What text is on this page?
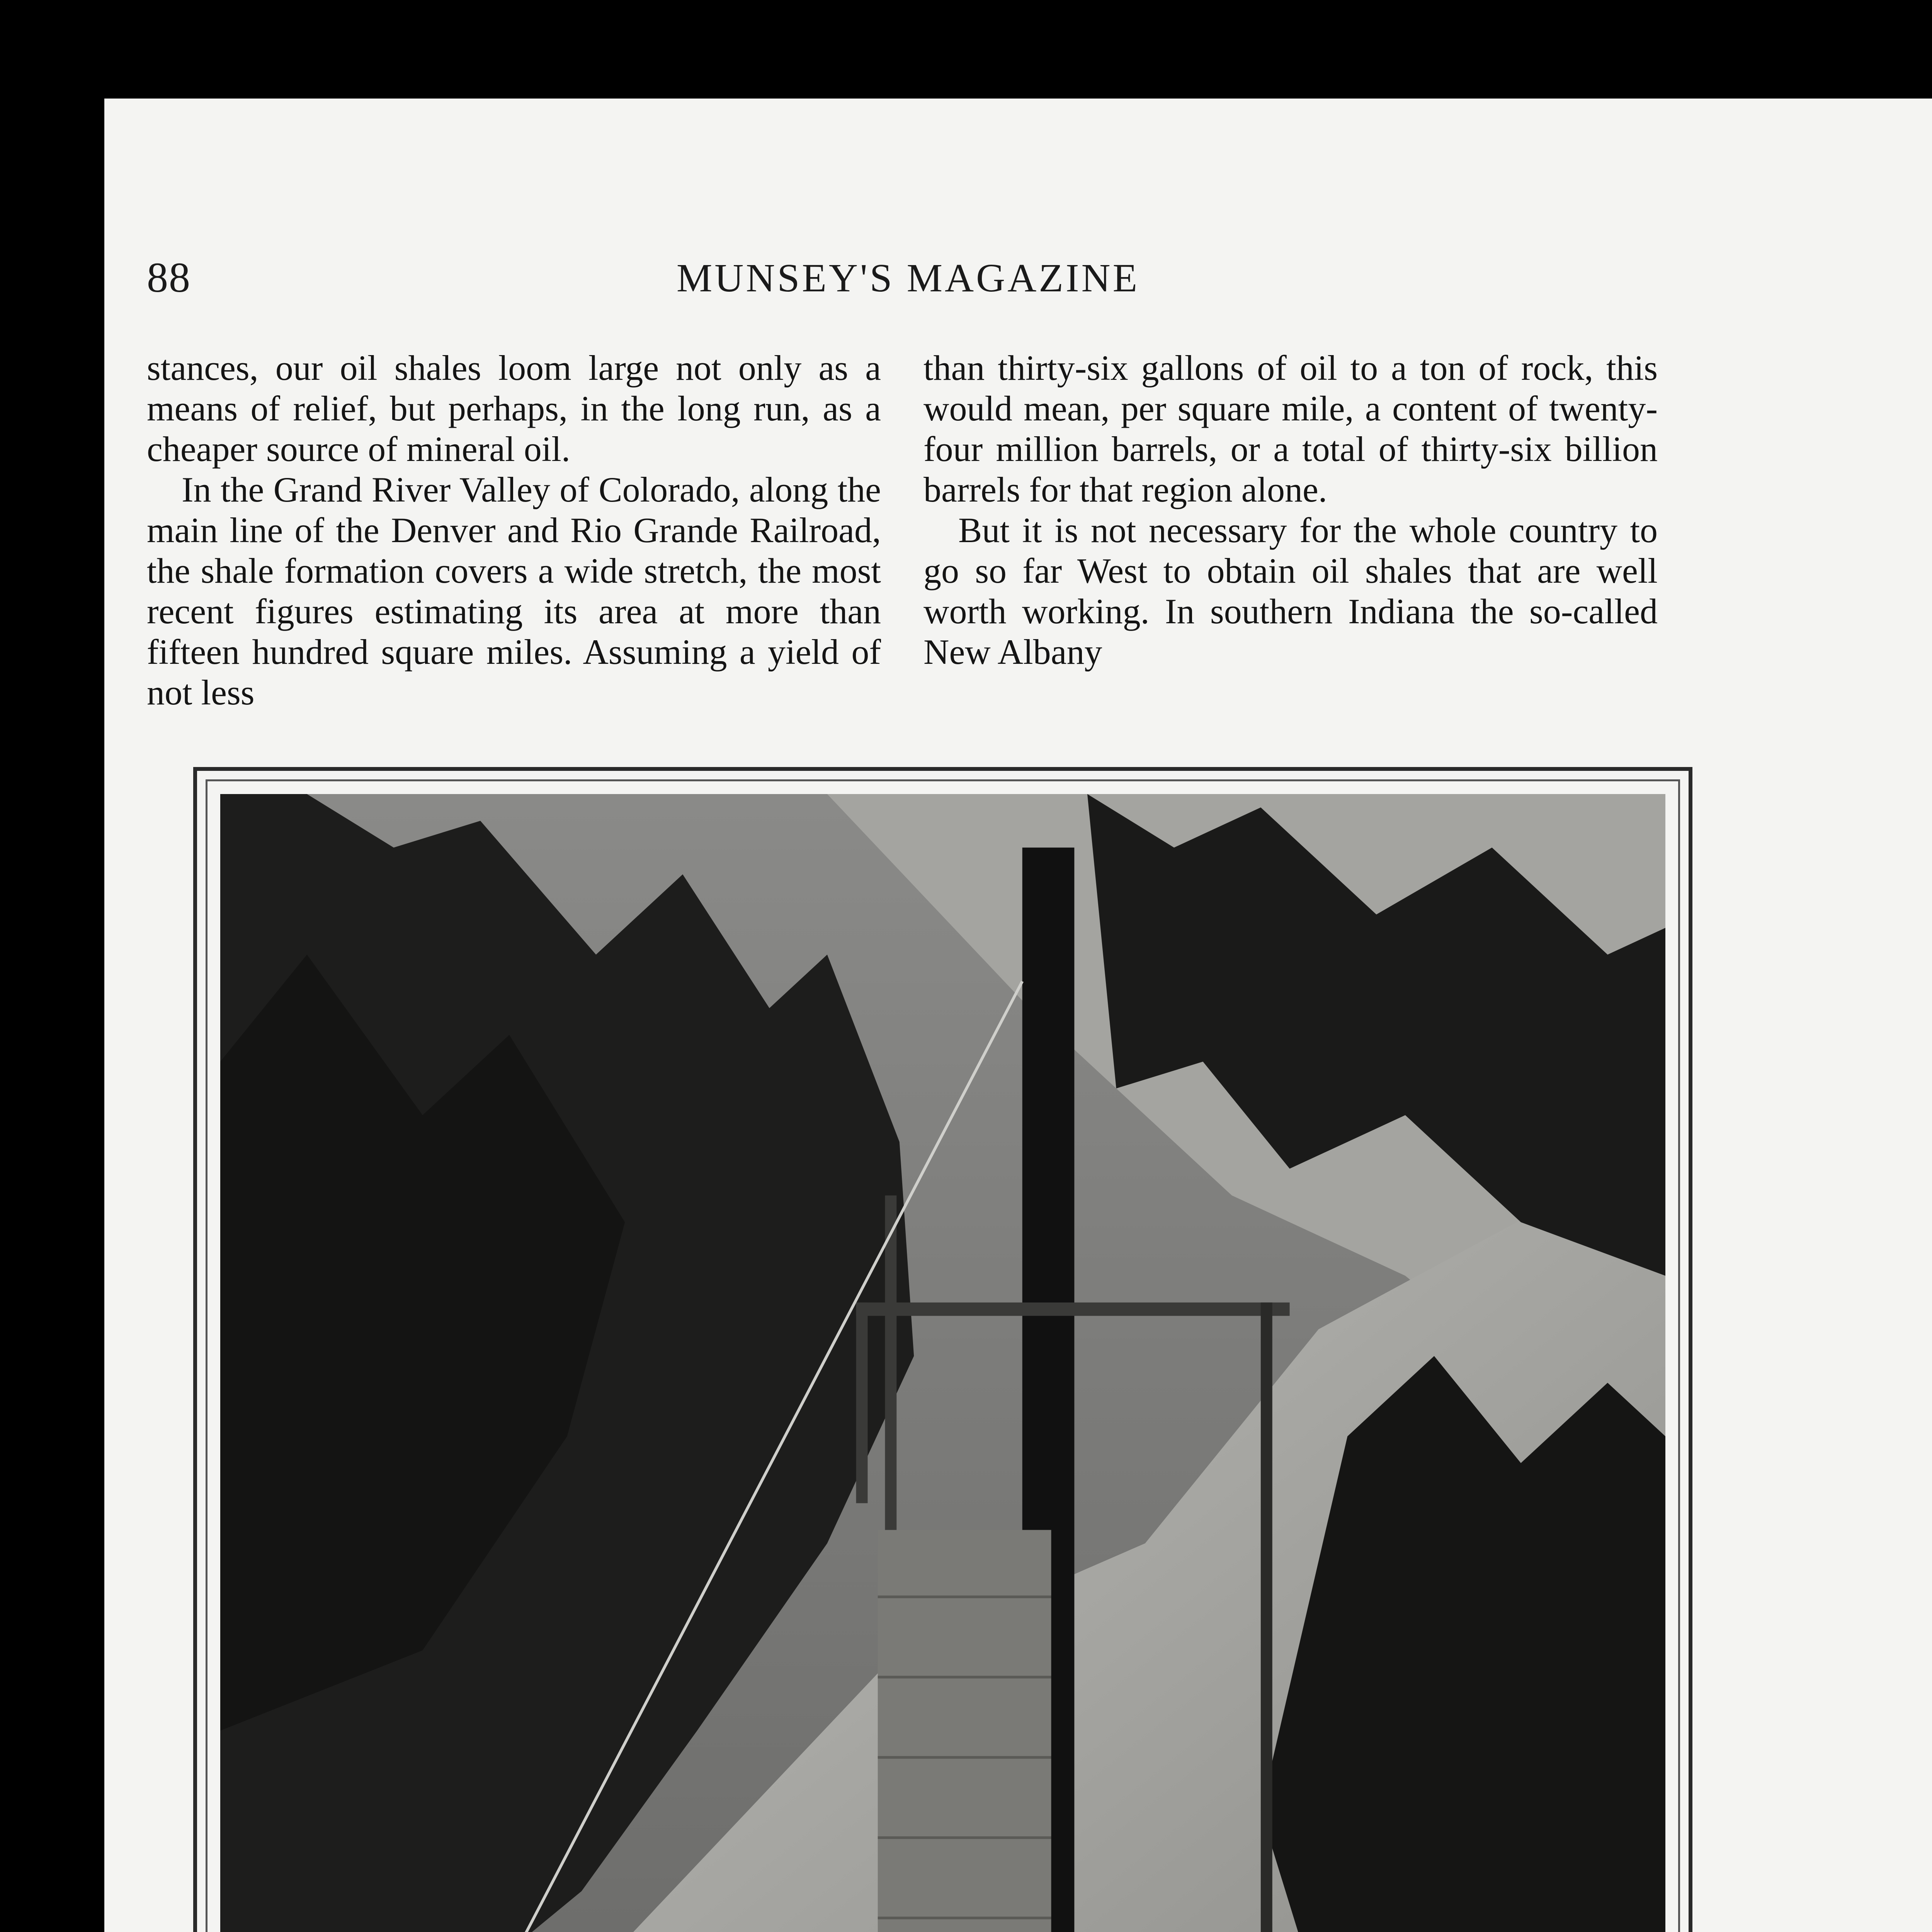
88	MUNSEY'S MAGAZINE

stances, our oil shales loom large not only as a means of relief, but perhaps, in the long run, as a cheaper source of mineral oil.

In the Grand River Valley of Colorado, along the main line of the Denver and Rio Grande Railroad, the shale formation covers a wide stretch, the most recent figures estimating its area at more than fifteen hundred square miles. Assuming a yield of not less

than thirty-six gallons of oil to a ton of rock, this would mean, per square mile, a content of twenty-four million barrels, or a total of thirty-six billion barrels for that region alone.

But it is not necessary for the whole country to go so far West to obtain oil shales that are well worth working. In southern Indiana the so-called New Albany
